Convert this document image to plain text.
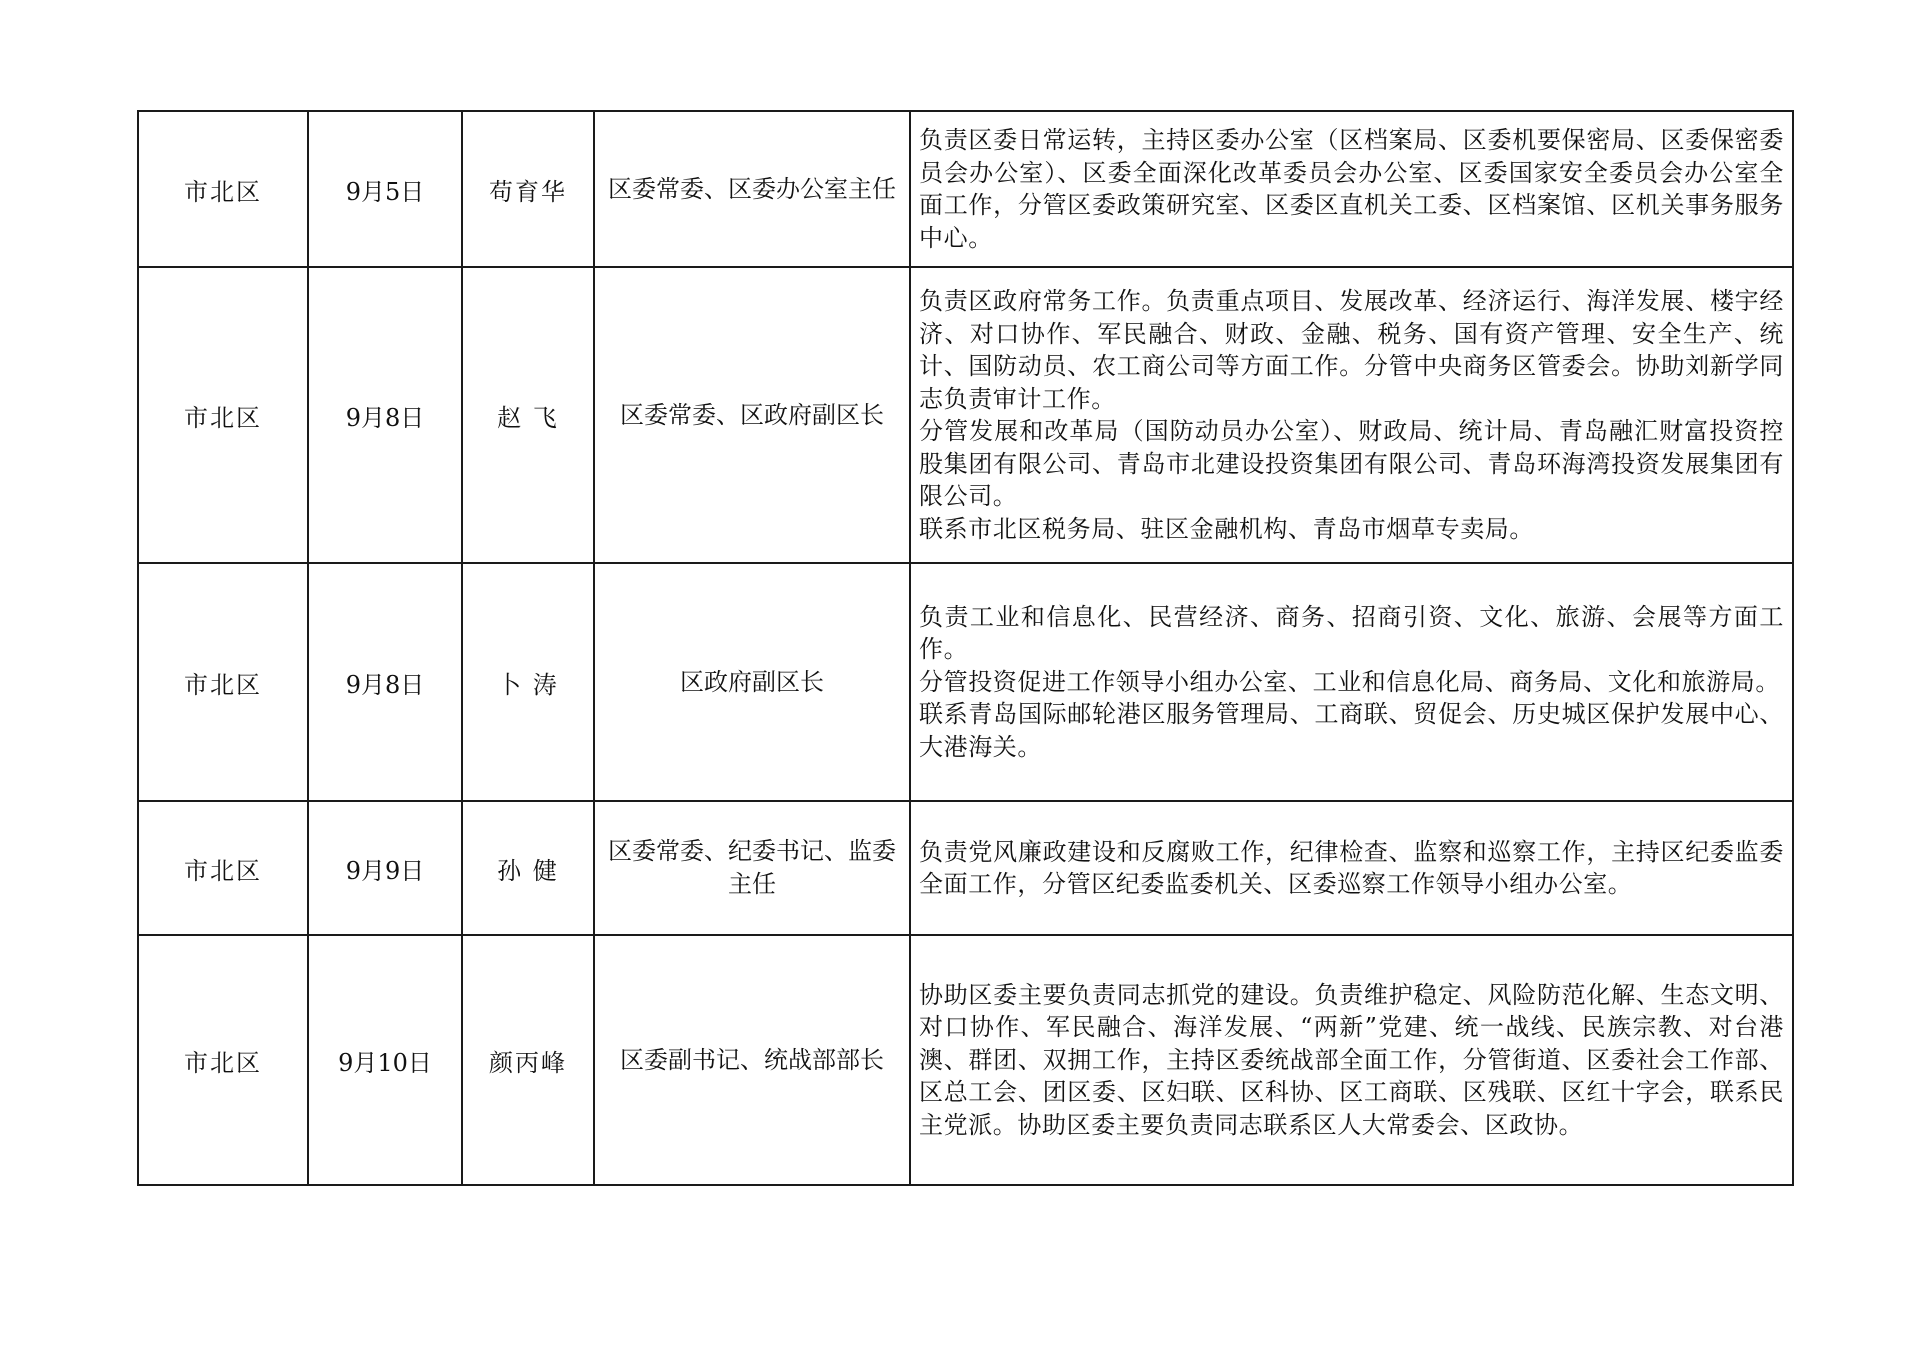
市北区	9月5日	苟育华	区委常委、区委办公室主任	负责区委日常运转，主持区委办公室（区档案局、区委机要保密局、区委保密委员会办公室）、区委全面深化改革委员会办公室、区委国家安全委员会办公室全面工作，分管区委政策研究室、区委区直机关工委、区档案馆、区机关事务服务中心。

市北区	9月8日	赵 飞	区委常委、区政府副区长	负责区政府常务工作。负责重点项目、发展改革、经济运行、海洋发展、楼宇经济、对口协作、军民融合、财政、金融、税务、国有资产管理、安全生产、统计、国防动员、农工商公司等方面工作。分管中央商务区管委会。协助刘新学同志负责审计工作。
分管发展和改革局（国防动员办公室）、财政局、统计局、青岛融汇财富投资控股集团有限公司、青岛市北建设投资集团有限公司、青岛环海湾投资发展集团有限公司。
联系市北区税务局、驻区金融机构、青岛市烟草专卖局。

市北区	9月8日	卜 涛	区政府副区长	负责工业和信息化、民营经济、商务、招商引资、文化、旅游、会展等方面工作。
分管投资促进工作领导小组办公室、工业和信息化局、商务局、文化和旅游局。
联系青岛国际邮轮港区服务管理局、工商联、贸促会、历史城区保护发展中心、大港海关。

市北区	9月9日	孙 健	区委常委、纪委书记、监委主任	负责党风廉政建设和反腐败工作，纪律检查、监察和巡察工作，主持区纪委监委全面工作，分管区纪委监委机关、区委巡察工作领导小组办公室。

市北区	9月10日	颜丙峰	区委副书记、统战部部长	协助区委主要负责同志抓党的建设。负责维护稳定、风险防范化解、生态文明、对口协作、军民融合、海洋发展、“两新”党建、统一战线、民族宗教、对台港澳、群团、双拥工作，主持区委统战部全面工作，分管街道、区委社会工作部、区总工会、团区委、区妇联、区科协、区工商联、区残联、区红十字会，联系民主党派。协助区委主要负责同志联系区人大常委会、区政协。
